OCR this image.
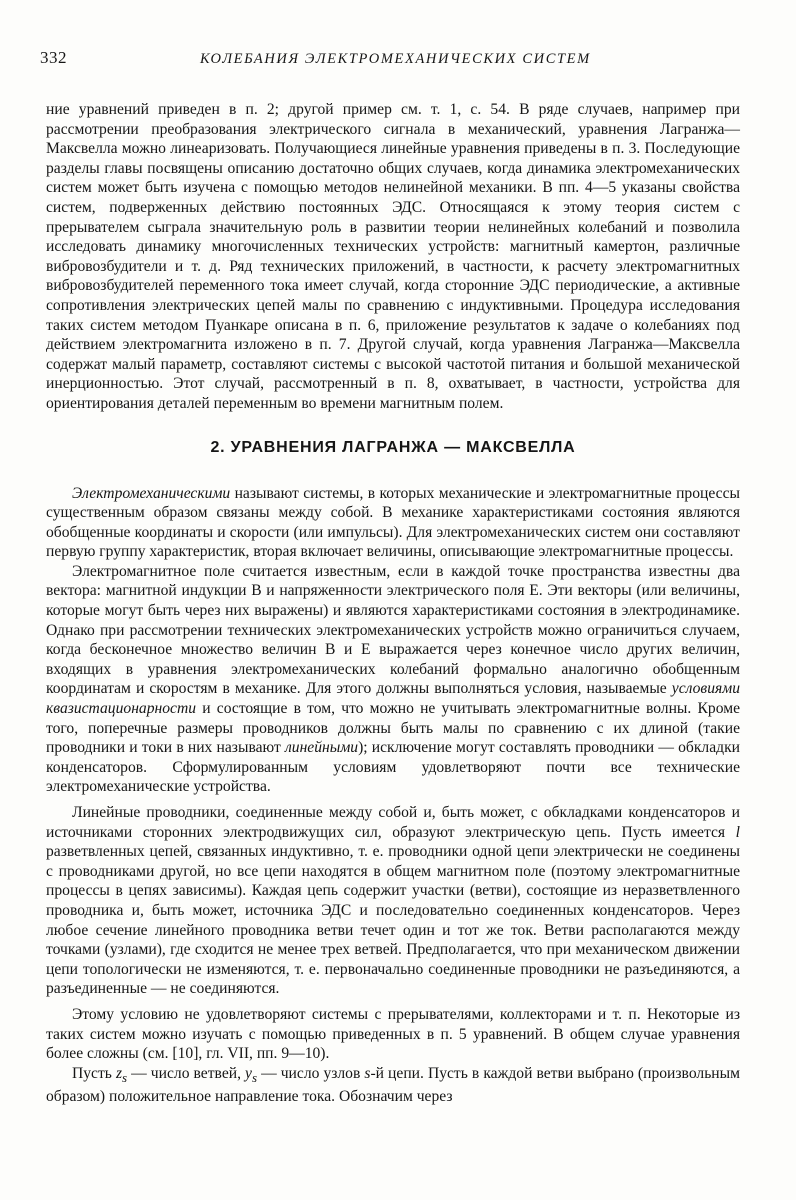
332	КОЛЕБАНИЯ ЭЛЕКТРОМЕХАНИЧЕСКИХ СИСТЕМ

ние уравнений приведен в п. 2; другой пример см. т. 1, с. 54. В ряде случаев, например при рассмотрении преобразования электрического сигнала в механический, уравнения Лагранжа—Максвелла можно линеаризовать. Получающиеся линейные уравнения приведены в п. 3. Последующие разделы главы посвящены описанию достаточно общих случаев, когда динамика электромеханических систем может быть изучена с помощью методов нелинейной механики. В пп. 4—5 указаны свойства систем, подверженных действию постоянных ЭДС. Относящаяся к этому теория систем с прерывателем сыграла значительную роль в развитии теории нелинейных колебаний и позволила исследовать динамику многочисленных технических устройств: магнитный камертон, различные вибровозбудители и т. д. Ряд технических приложений, в частности, к расчету электромагнитных вибровозбудителей переменного тока имеет случай, когда сторонние ЭДС периодические, а активные сопротивления электрических цепей малы по сравнению с индуктивными. Процедура исследования таких систем методом Пуанкаре описана в п. 6, приложение результатов к задаче о колебаниях под действием электромагнита изложено в п. 7. Другой случай, когда уравнения Лагранжа—Максвелла содержат малый параметр, составляют системы с высокой частотой питания и большой механической инерционностью. Этот случай, рассмотренный в п. 8, охватывает, в частности, устройства для ориентирования деталей переменным во времени магнитным полем.

2. УРАВНЕНИЯ ЛАГРАНЖА — МАКСВЕЛЛА

Электромеханическими называют системы, в которых механические и электромагнитные процессы существенным образом связаны между собой. В механике характеристиками состояния являются обобщенные координаты и скорости (или импульсы). Для электромеханических систем они составляют первую группу характеристик, вторая включает величины, описывающие электромагнитные процессы.

Электромагнитное поле считается известным, если в каждой точке пространства известны два вектора: магнитной индукции B и напряженности электрического поля E. Эти векторы (или величины, которые могут быть через них выражены) и являются характеристиками состояния в электродинамике. Однако при рассмотрении технических электромеханических устройств можно ограничиться случаем, когда бесконечное множество величин B и E выражается через конечное число других величин, входящих в уравнения электромеханических колебаний формально аналогично обобщенным координатам и скоростям в механике. Для этого должны выполняться условия, называемые условиями квазистационарности и состоящие в том, что можно не учитывать электромагнитные волны. Кроме того, поперечные размеры проводников должны быть малы по сравнению с их длиной (такие проводники и токи в них называют линейными); исключение могут составлять проводники — обкладки конденсаторов. Сформулированным условиям удовлетворяют почти все технические электромеханические устройства.

Линейные проводники, соединенные между собой и, быть может, с обкладками конденсаторов и источниками сторонних электродвижущих сил, образуют электрическую цепь. Пусть имеется l разветвленных цепей, связанных индуктивно, т. е. проводники одной цепи электрически не соединены с проводниками другой, но все цепи находятся в общем магнитном поле (поэтому электромагнитные процессы в цепях зависимы). Каждая цепь содержит участки (ветви), состоящие из неразветвленного проводника и, быть может, источника ЭДС и последовательно соединенных конденсаторов. Через любое сечение линейного проводника ветви течет один и тот же ток. Ветви располагаются между точками (узлами), где сходится не менее трех ветвей. Предполагается, что при механическом движении цепи топологически не изменяются, т. е. первоначально соединенные проводники не разъединяются, а разъединенные — не соединяются.

Этому условию не удовлетворяют системы с прерывателями, коллекторами и т. п. Некоторые из таких систем можно изучать с помощью приведенных в п. 5 уравнений. В общем случае уравнения более сложны (см. [10], гл. VII, пп. 9—10).

Пусть $z_s$ — число ветвей, $y_s$ — число узлов s-й цепи. Пусть в каждой ветви выбрано (произвольным образом) положительное направление тока. Обозначим через
